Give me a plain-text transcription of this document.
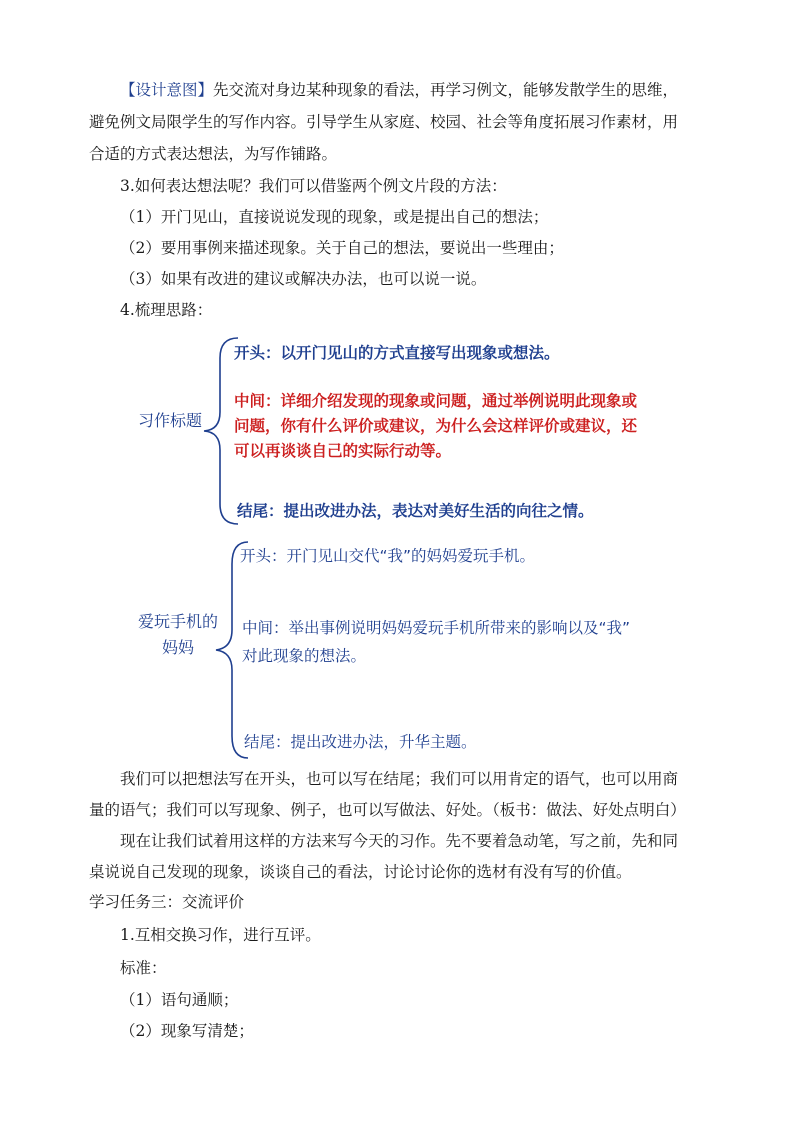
【设计意图】先交流对身边某种现象的看法，再学习例文，能够发散学生的思维，
避免例文局限学生的写作内容。引导学生从家庭、校园、社会等角度拓展习作素材，用
合适的方式表达想法，为写作铺路。
3.如何表达想法呢？我们可以借鉴两个例文片段的方法：
（1）开门见山，直接说说发现的现象，或是提出自己的想法；
（2）要用事例来描述现象。关于自己的想法，要说出一些理由；
（3）如果有改进的建议或解决办法，也可以说一说。
4.梳理思路：
习作标题
开头：以开门见山的方式直接写出现象或想法。
中间：详细介绍发现的现象或问题，通过举例说明此现象或
问题，你有什么评价或建议，为什么会这样评价或建议，还
可以再谈谈自己的实际行动等。
结尾：提出改进办法，表达对美好生活的向往之情。
爱玩手机的
妈妈
开头：开门见山交代“我”的妈妈爱玩手机。
中间：举出事例说明妈妈爱玩手机所带来的影响以及“我”
对此现象的想法。
结尾：提出改进办法，升华主题。
我们可以把想法写在开头，也可以写在结尾；我们可以用肯定的语气，也可以用商
量的语气；我们可以写现象、例子，也可以写做法、好处。（板书：做法、好处点明白）
现在让我们试着用这样的方法来写今天的习作。先不要着急动笔，写之前，先和同
桌说说自己发现的现象，谈谈自己的看法，讨论讨论你的选材有没有写的价值。
学习任务三：交流评价
1.互相交换习作，进行互评。
标准：
（1）语句通顺；
（2）现象写清楚；
